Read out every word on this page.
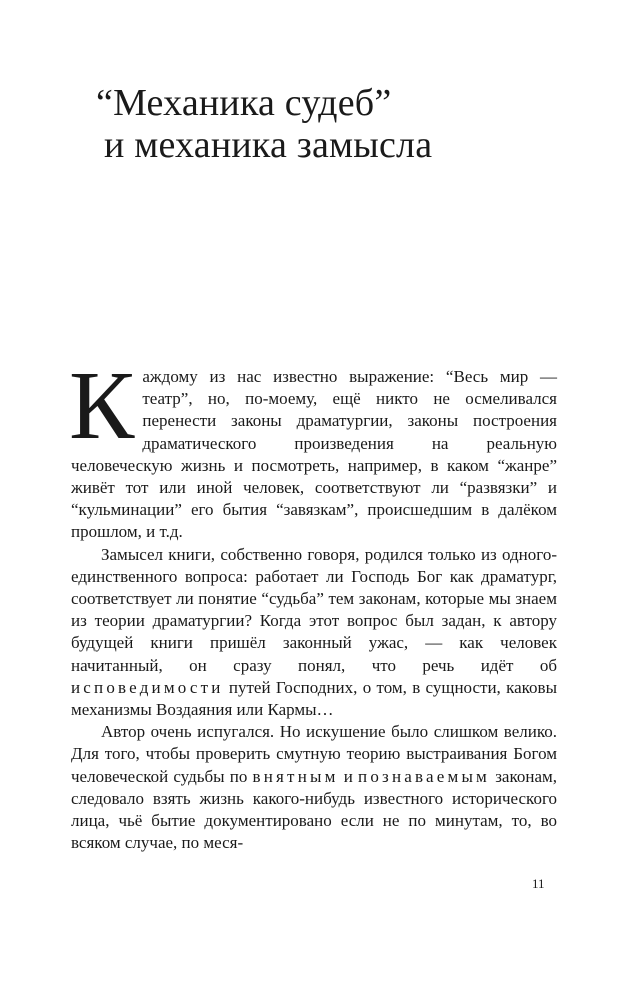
“Механика судеб”
и механика замысла

Каждому из нас известно выражение: “Весь мир — театр”, но, по-моему, ещё никто не осмеливался перенести законы драматургии, законы построения драматического произведения на реальную человеческую жизнь и посмотреть, например, в каком “жанре” живёт тот или иной человек, соответствуют ли “развязки” и “кульминации” его бытия “завязкам”, происшедшим в далёком прошлом, и т.д.

Замысел книги, собственно говоря, родился только из одного-единственного вопроса: работает ли Господь Бог как драматург, соответствует ли понятие “судьба” тем законам, которые мы знаем из теории драматургии? Когда этот вопрос был задан, к автору будущей книги пришёл законный ужас, — как человек начитанный, он сразу понял, что речь идёт об исповедимости путей Господних, о том, в сущности, каковы механизмы Воздаяния или Кармы…

Автор очень испугался. Но искушение было слишком велико. Для того, чтобы проверить смутную теорию выстраивания Богом человеческой судьбы по внятным и познаваемым законам, следовало взять жизнь какого-нибудь известного исторического лица, чьё бытие документировано если не по минутам, то, во всяком случае, по меся-

11
